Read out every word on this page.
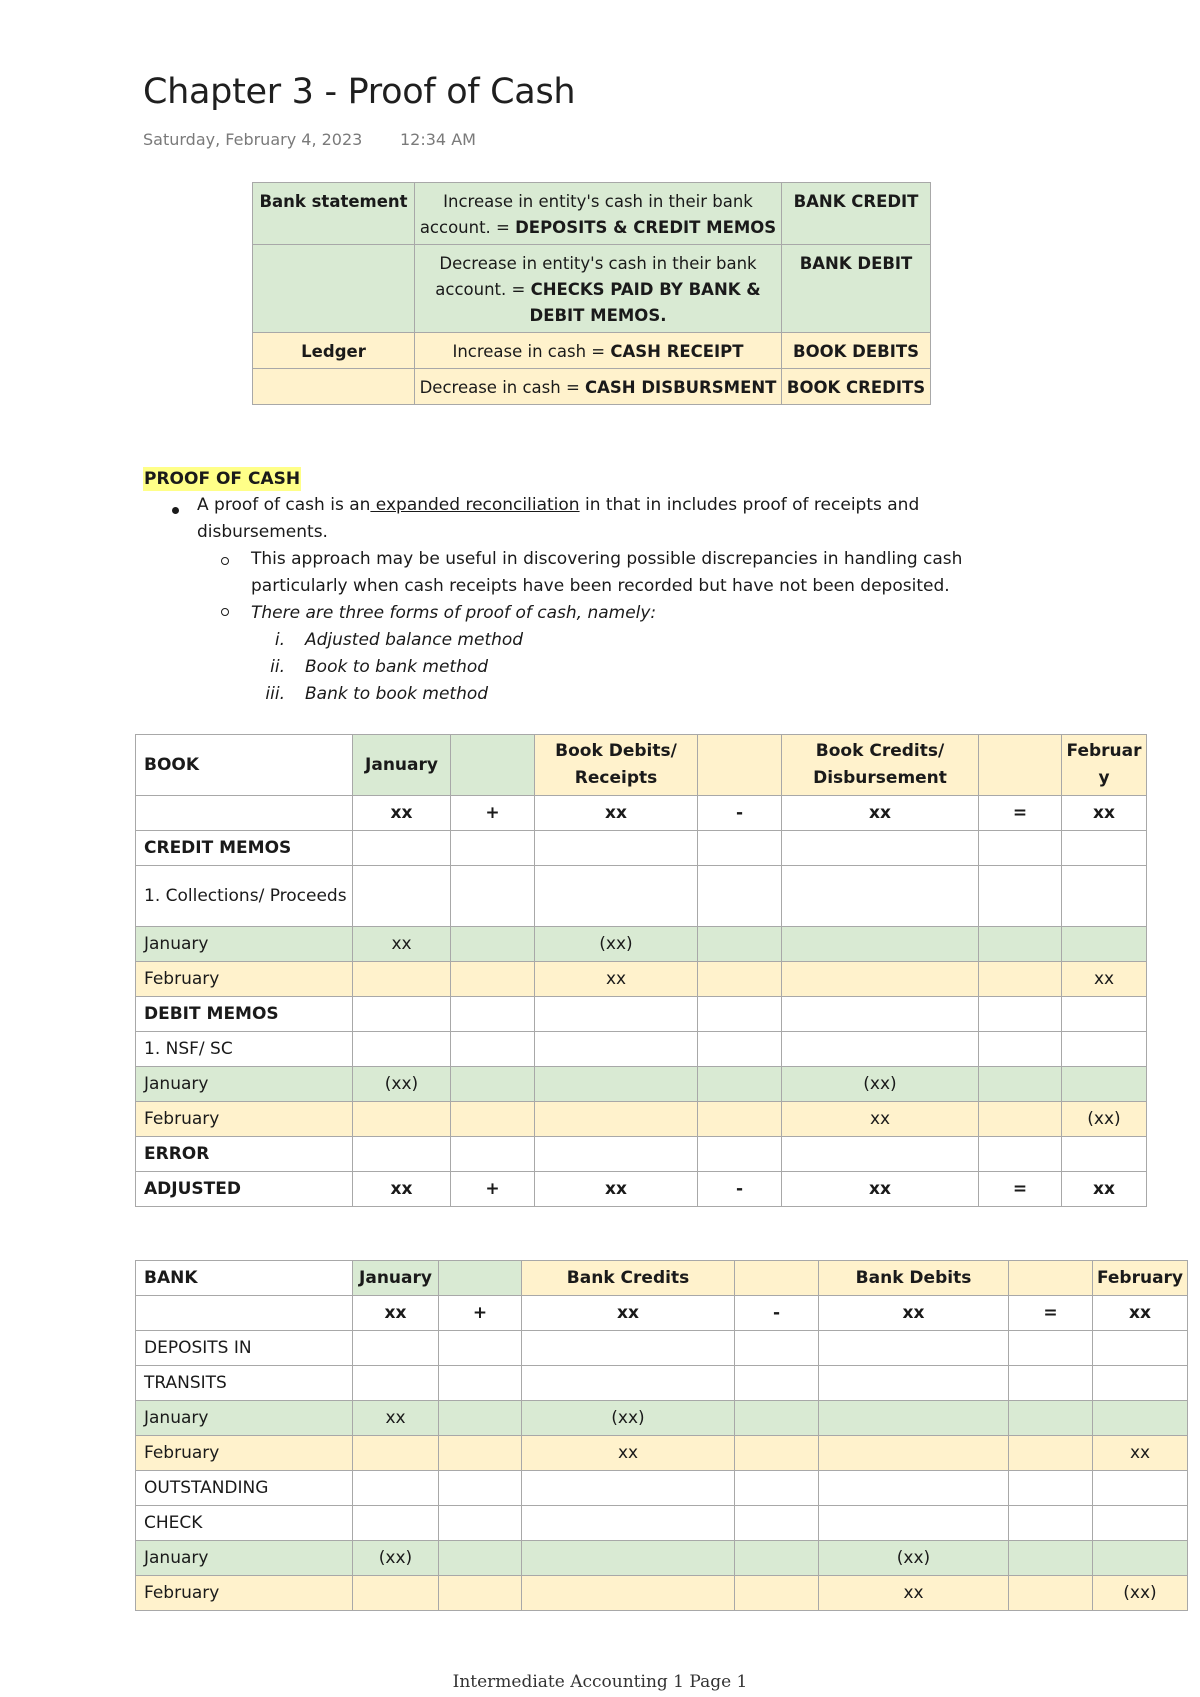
Chapter 3 - Proof of Cash
Saturday, February 4, 2023 12:34 AM
Bank statement	Increase in entity's cash in their bank account. = DEPOSITS & CREDIT MEMOS	BANK CREDIT
	Decrease in entity's cash in their bank account. = CHECKS PAID BY BANK & DEBIT MEMOS.	BANK DEBIT
Ledger	Increase in cash = CASH RECEIPT	BOOK DEBITS
	Decrease in cash = CASH DISBURSMENT	BOOK CREDITS
PROOF OF CASH
A proof of cash is an expanded reconciliation in that in includes proof of receipts and
disbursements.
This approach may be useful in discovering possible discrepancies in handling cash
particularly when cash receipts have been recorded but have not been deposited.
There are three forms of proof of cash, namely:
i. Adjusted balance method
ii. Book to bank method
iii. Bank to book method
BOOK	January		Book Debits/ Receipts		Book Credits/ Disbursement		Februar y
	xx	+	xx	-	xx	=	xx
CREDIT MEMOS							
1. Collections/ Proceeds							
January	xx		(xx)				
February			xx				xx
DEBIT MEMOS							
1. NSF/ SC							
January	(xx)				(xx)		
February					xx		(xx)
ERROR							
ADJUSTED	xx	+	xx	-	xx	=	xx
BANK	January		Bank Credits		Bank Debits		February
	xx	+	xx	-	xx	=	xx
DEPOSITS IN							
TRANSITS							
January	xx		(xx)				
February			xx				xx
OUTSTANDING							
CHECK							
January	(xx)				(xx)		
February					xx		(xx)
Intermediate Accounting 1 Page 1
